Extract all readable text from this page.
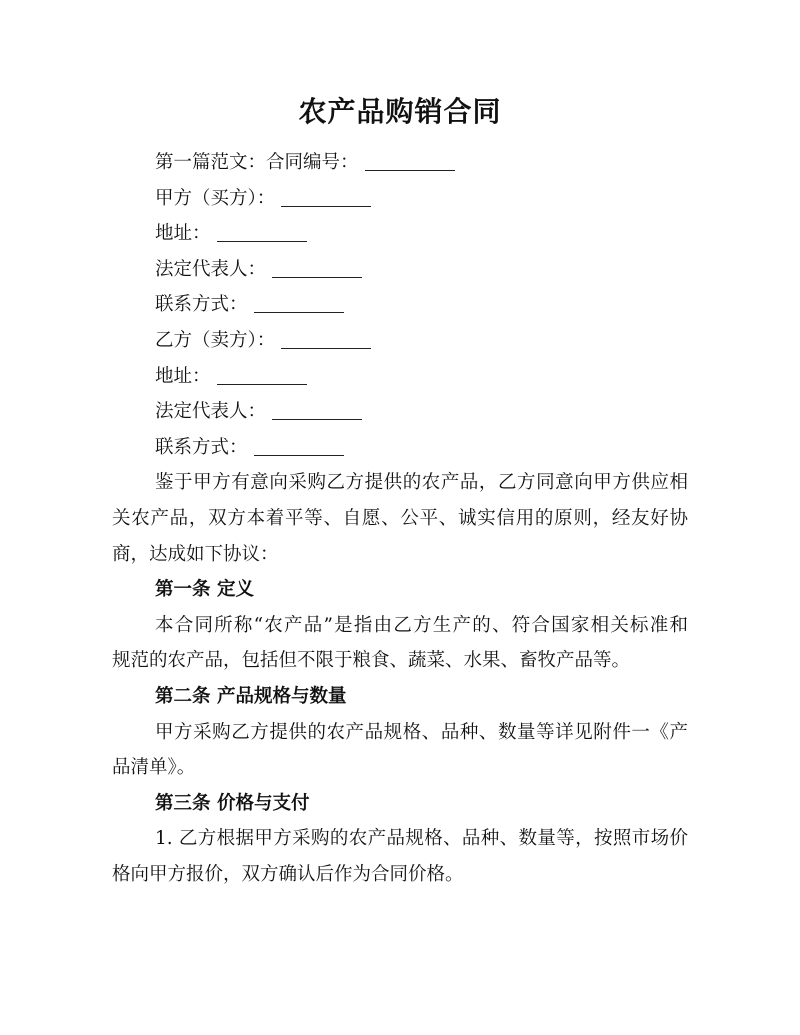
农产品购销合同
第一篇范文：合同编号：
甲方（买方）：
地址：
法定代表人：
联系方式：
乙方（卖方）：
地址：
法定代表人：
联系方式：
鉴于甲方有意向采购乙方提供的农产品，乙方同意向甲方供应相
关农产品，双方本着平等、自愿、公平、诚实信用的原则，经友好协
商，达成如下协议：
第一条 定义
本合同所称“农产品”是指由乙方生产的、符合国家相关标准和
规范的农产品，包括但不限于粮食、蔬菜、水果、畜牧产品等。
第二条 产品规格与数量
甲方采购乙方提供的农产品规格、品种、数量等详见附件一《产
品清单》。
第三条 价格与支付
1. 乙方根据甲方采购的农产品规格、品种、数量等，按照市场价
格向甲方报价，双方确认后作为合同价格。
